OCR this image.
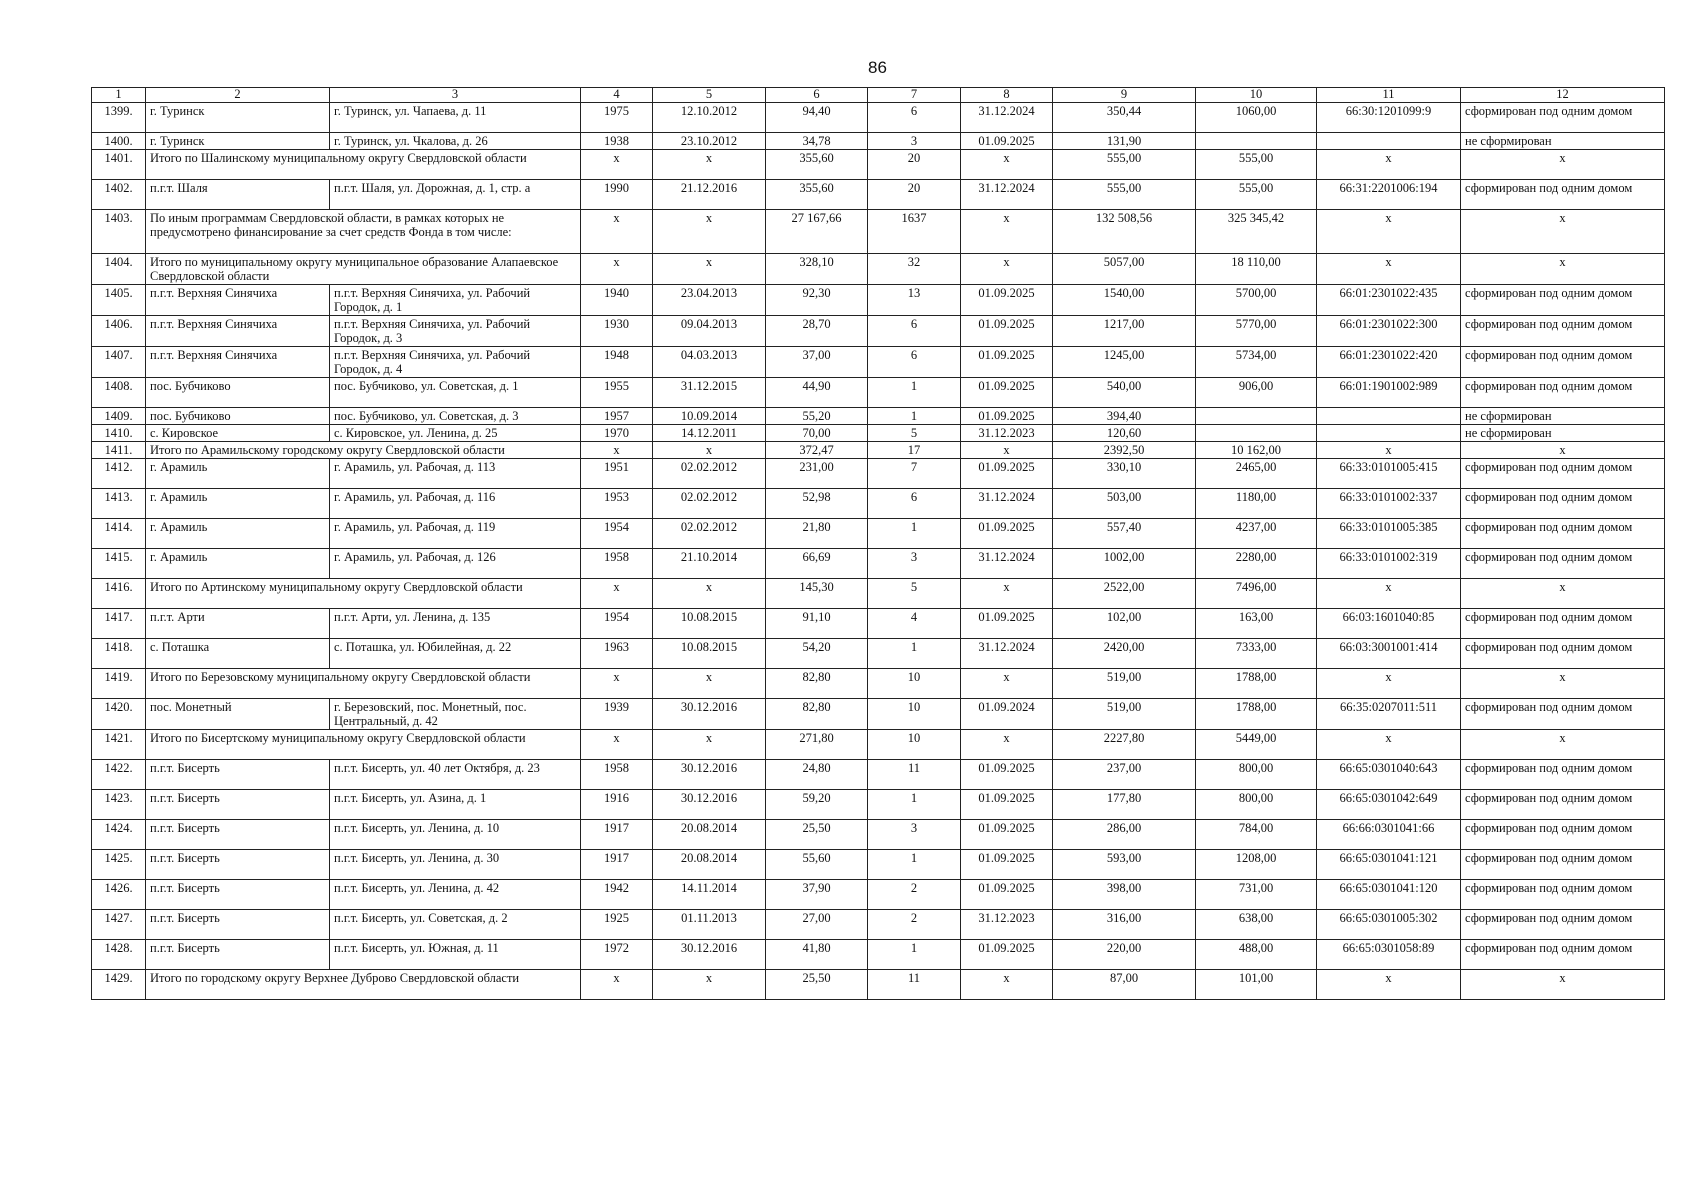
86
1	2	3	4	5	6	7	8	9	10	11	12
1399.	г. Туринск	г. Туринск, ул. Чапаева, д. 11	1975	12.10.2012	94,40	6	31.12.2024	350,44	1060,00	66:30:1201099:9	сформирован под одним домом
1400.	г. Туринск	г. Туринск, ул. Чкалова, д. 26	1938	23.10.2012	34,78	3	01.09.2025	131,90			не сформирован
1401.	Итого по Шалинскому муниципальному округу Свердловской области		x	x	355,60	20	x	555,00	555,00	x	x
1402.	п.г.т. Шаля	п.г.т. Шаля, ул. Дорожная, д. 1, стр. а	1990	21.12.2016	355,60	20	31.12.2024	555,00	555,00	66:31:2201006:194	сформирован под одним домом
1403.	По иным программам Свердловской области, в рамках которых не предусмотрено финансирование за счет средств Фонда в том числе:		x	x	27 167,66	1637	x	132 508,56	325 345,42	x	x
1404.	Итого по муниципальному округу муниципальное образование Алапаевское Свердловской области		x	x	328,10	32	x	5057,00	18 110,00	x	x
1405.	п.г.т. Верхняя Синячиха	п.г.т. Верхняя Синячиха, ул. Рабочий Городок, д. 1	1940	23.04.2013	92,30	13	01.09.2025	1540,00	5700,00	66:01:2301022:435	сформирован под одним домом
1406.	п.г.т. Верхняя Синячиха	п.г.т. Верхняя Синячиха, ул. Рабочий Городок, д. 3	1930	09.04.2013	28,70	6	01.09.2025	1217,00	5770,00	66:01:2301022:300	сформирован под одним домом
1407.	п.г.т. Верхняя Синячиха	п.г.т. Верхняя Синячиха, ул. Рабочий Городок, д. 4	1948	04.03.2013	37,00	6	01.09.2025	1245,00	5734,00	66:01:2301022:420	сформирован под одним домом
1408.	пос. Бубчиково	пос. Бубчиково, ул. Советская, д. 1	1955	31.12.2015	44,90	1	01.09.2025	540,00	906,00	66:01:1901002:989	сформирован под одним домом
1409.	пос. Бубчиково	пос. Бубчиково, ул. Советская, д. 3	1957	10.09.2014	55,20	1	01.09.2025	394,40			не сформирован
1410.	с. Кировское	с. Кировское, ул. Ленина, д. 25	1970	14.12.2011	70,00	5	31.12.2023	120,60			не сформирован
1411.	Итого по Арамильскому городскому округу Свердловской области		x	x	372,47	17	x	2392,50	10 162,00	x	x
1412.	г. Арамиль	г. Арамиль, ул. Рабочая, д. 113	1951	02.02.2012	231,00	7	01.09.2025	330,10	2465,00	66:33:0101005:415	сформирован под одним домом
1413.	г. Арамиль	г. Арамиль, ул. Рабочая, д. 116	1953	02.02.2012	52,98	6	31.12.2024	503,00	1180,00	66:33:0101002:337	сформирован под одним домом
1414.	г. Арамиль	г. Арамиль, ул. Рабочая, д. 119	1954	02.02.2012	21,80	1	01.09.2025	557,40	4237,00	66:33:0101005:385	сформирован под одним домом
1415.	г. Арамиль	г. Арамиль, ул. Рабочая, д. 126	1958	21.10.2014	66,69	3	31.12.2024	1002,00	2280,00	66:33:0101002:319	сформирован под одним домом
1416.	Итого по Артинскому муниципальному округу Свердловской области		x	x	145,30	5	x	2522,00	7496,00	x	x
1417.	п.г.т. Арти	п.г.т. Арти, ул. Ленина, д. 135	1954	10.08.2015	91,10	4	01.09.2025	102,00	163,00	66:03:1601040:85	сформирован под одним домом
1418.	с. Поташка	с. Поташка, ул. Юбилейная, д. 22	1963	10.08.2015	54,20	1	31.12.2024	2420,00	7333,00	66:03:3001001:414	сформирован под одним домом
1419.	Итого по Березовскому муниципальному округу Свердловской области		x	x	82,80	10	x	519,00	1788,00	x	x
1420.	пос. Монетный	г. Березовский, пос. Монетный, пос. Центральный, д. 42	1939	30.12.2016	82,80	10	01.09.2024	519,00	1788,00	66:35:0207011:511	сформирован под одним домом
1421.	Итого по Бисертскому муниципальному округу Свердловской области		x	x	271,80	10	x	2227,80	5449,00	x	x
1422.	п.г.т. Бисерть	п.г.т. Бисерть, ул. 40 лет Октября, д. 23	1958	30.12.2016	24,80	11	01.09.2025	237,00	800,00	66:65:0301040:643	сформирован под одним домом
1423.	п.г.т. Бисерть	п.г.т. Бисерть, ул. Азина, д. 1	1916	30.12.2016	59,20	1	01.09.2025	177,80	800,00	66:65:0301042:649	сформирован под одним домом
1424.	п.г.т. Бисерть	п.г.т. Бисерть, ул. Ленина, д. 10	1917	20.08.2014	25,50	3	01.09.2025	286,00	784,00	66:66:0301041:66	сформирован под одним домом
1425.	п.г.т. Бисерть	п.г.т. Бисерть, ул. Ленина, д. 30	1917	20.08.2014	55,60	1	01.09.2025	593,00	1208,00	66:65:0301041:121	сформирован под одним домом
1426.	п.г.т. Бисерть	п.г.т. Бисерть, ул. Ленина, д. 42	1942	14.11.2014	37,90	2	01.09.2025	398,00	731,00	66:65:0301041:120	сформирован под одним домом
1427.	п.г.т. Бисерть	п.г.т. Бисерть, ул. Советская, д. 2	1925	01.11.2013	27,00	2	31.12.2023	316,00	638,00	66:65:0301005:302	сформирован под одним домом
1428.	п.г.т. Бисерть	п.г.т. Бисерть, ул. Южная, д. 11	1972	30.12.2016	41,80	1	01.09.2025	220,00	488,00	66:65:0301058:89	сформирован под одним домом
1429.	Итого по городскому округу Верхнее Дуброво Свердловской области		x	x	25,50	11	x	87,00	101,00	x	x
